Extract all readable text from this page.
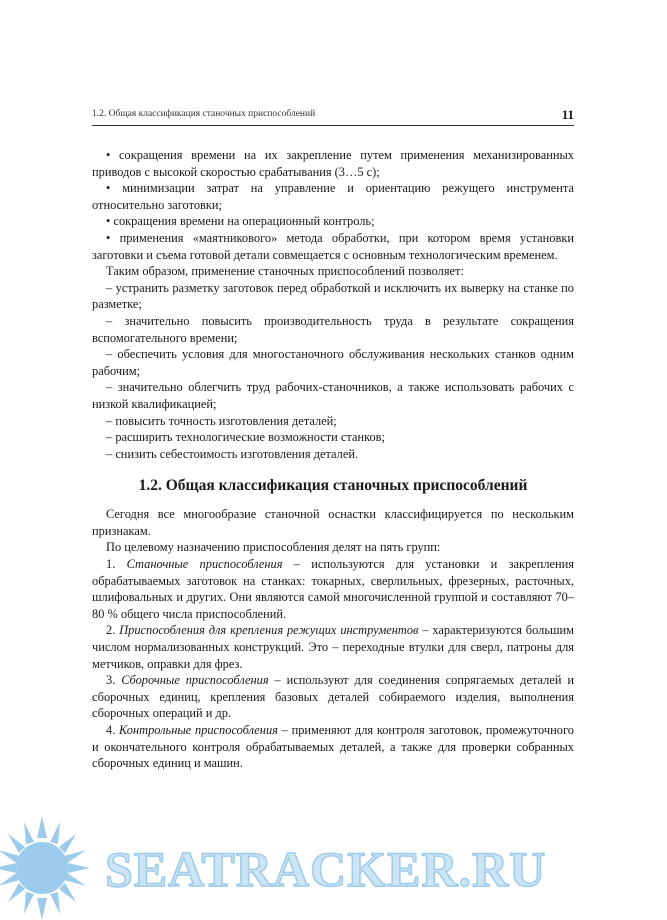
1.2. Общая классификация станочных приспособлений	11

• сокращения времени на их закрепление путем применения механизированных приводов с высокой скоростью срабатывания (3…5 с);

• минимизации затрат на управление и ориентацию режущего инструмента относительно заготовки;

• сокращения времени на операционный контроль;

• применения «маятникового» метода обработки, при котором время установки заготовки и съема готовой детали совмещается с основным технологическим временем.

Таким образом, применение станочных приспособлений позволяет:

– устранить разметку заготовок перед обработкой и исключить их выверку на станке по разметке;

– значительно повысить производительность труда в результате сокращения вспомогательного времени;

– обеспечить условия для многостаночного обслуживания нескольких станков одним рабочим;

– значительно облегчить труд рабочих-станочников, а также использовать рабочих с низкой квалификацией;

– повысить точность изготовления деталей;

– расширить технологические возможности станков;

– снизить себестоимость изготовления деталей.

1.2. Общая классификация станочных приспособлений

Сегодня все многообразие станочной оснастки классифицируется по нескольким признакам.

По целевому назначению приспособления делят на пять групп:

1. Станочные приспособления – используются для установки и закрепления обрабатываемых заготовок на станках: токарных, сверлильных, фрезерных, расточных, шлифовальных и других. Они являются самой многочисленной группой и составляют 70–80 % общего числа приспособлений.

2. Приспособления для крепления режущих инструментов – характеризуются большим числом нормализованных конструкций. Это – переходные втулки для сверл, патроны для метчиков, оправки для фрез.

3. Сборочные приспособления – используют для соединения сопрягаемых деталей и сборочных единиц, крепления базовых деталей собираемого изделия, выполнения сборочных операций и др.

4. Контрольные приспособления – применяют для контроля заготовок, промежуточного и окончательного контроля обрабатываемых деталей, а также для проверки собранных сборочных единиц и машин.

SEATRACKER.RU
